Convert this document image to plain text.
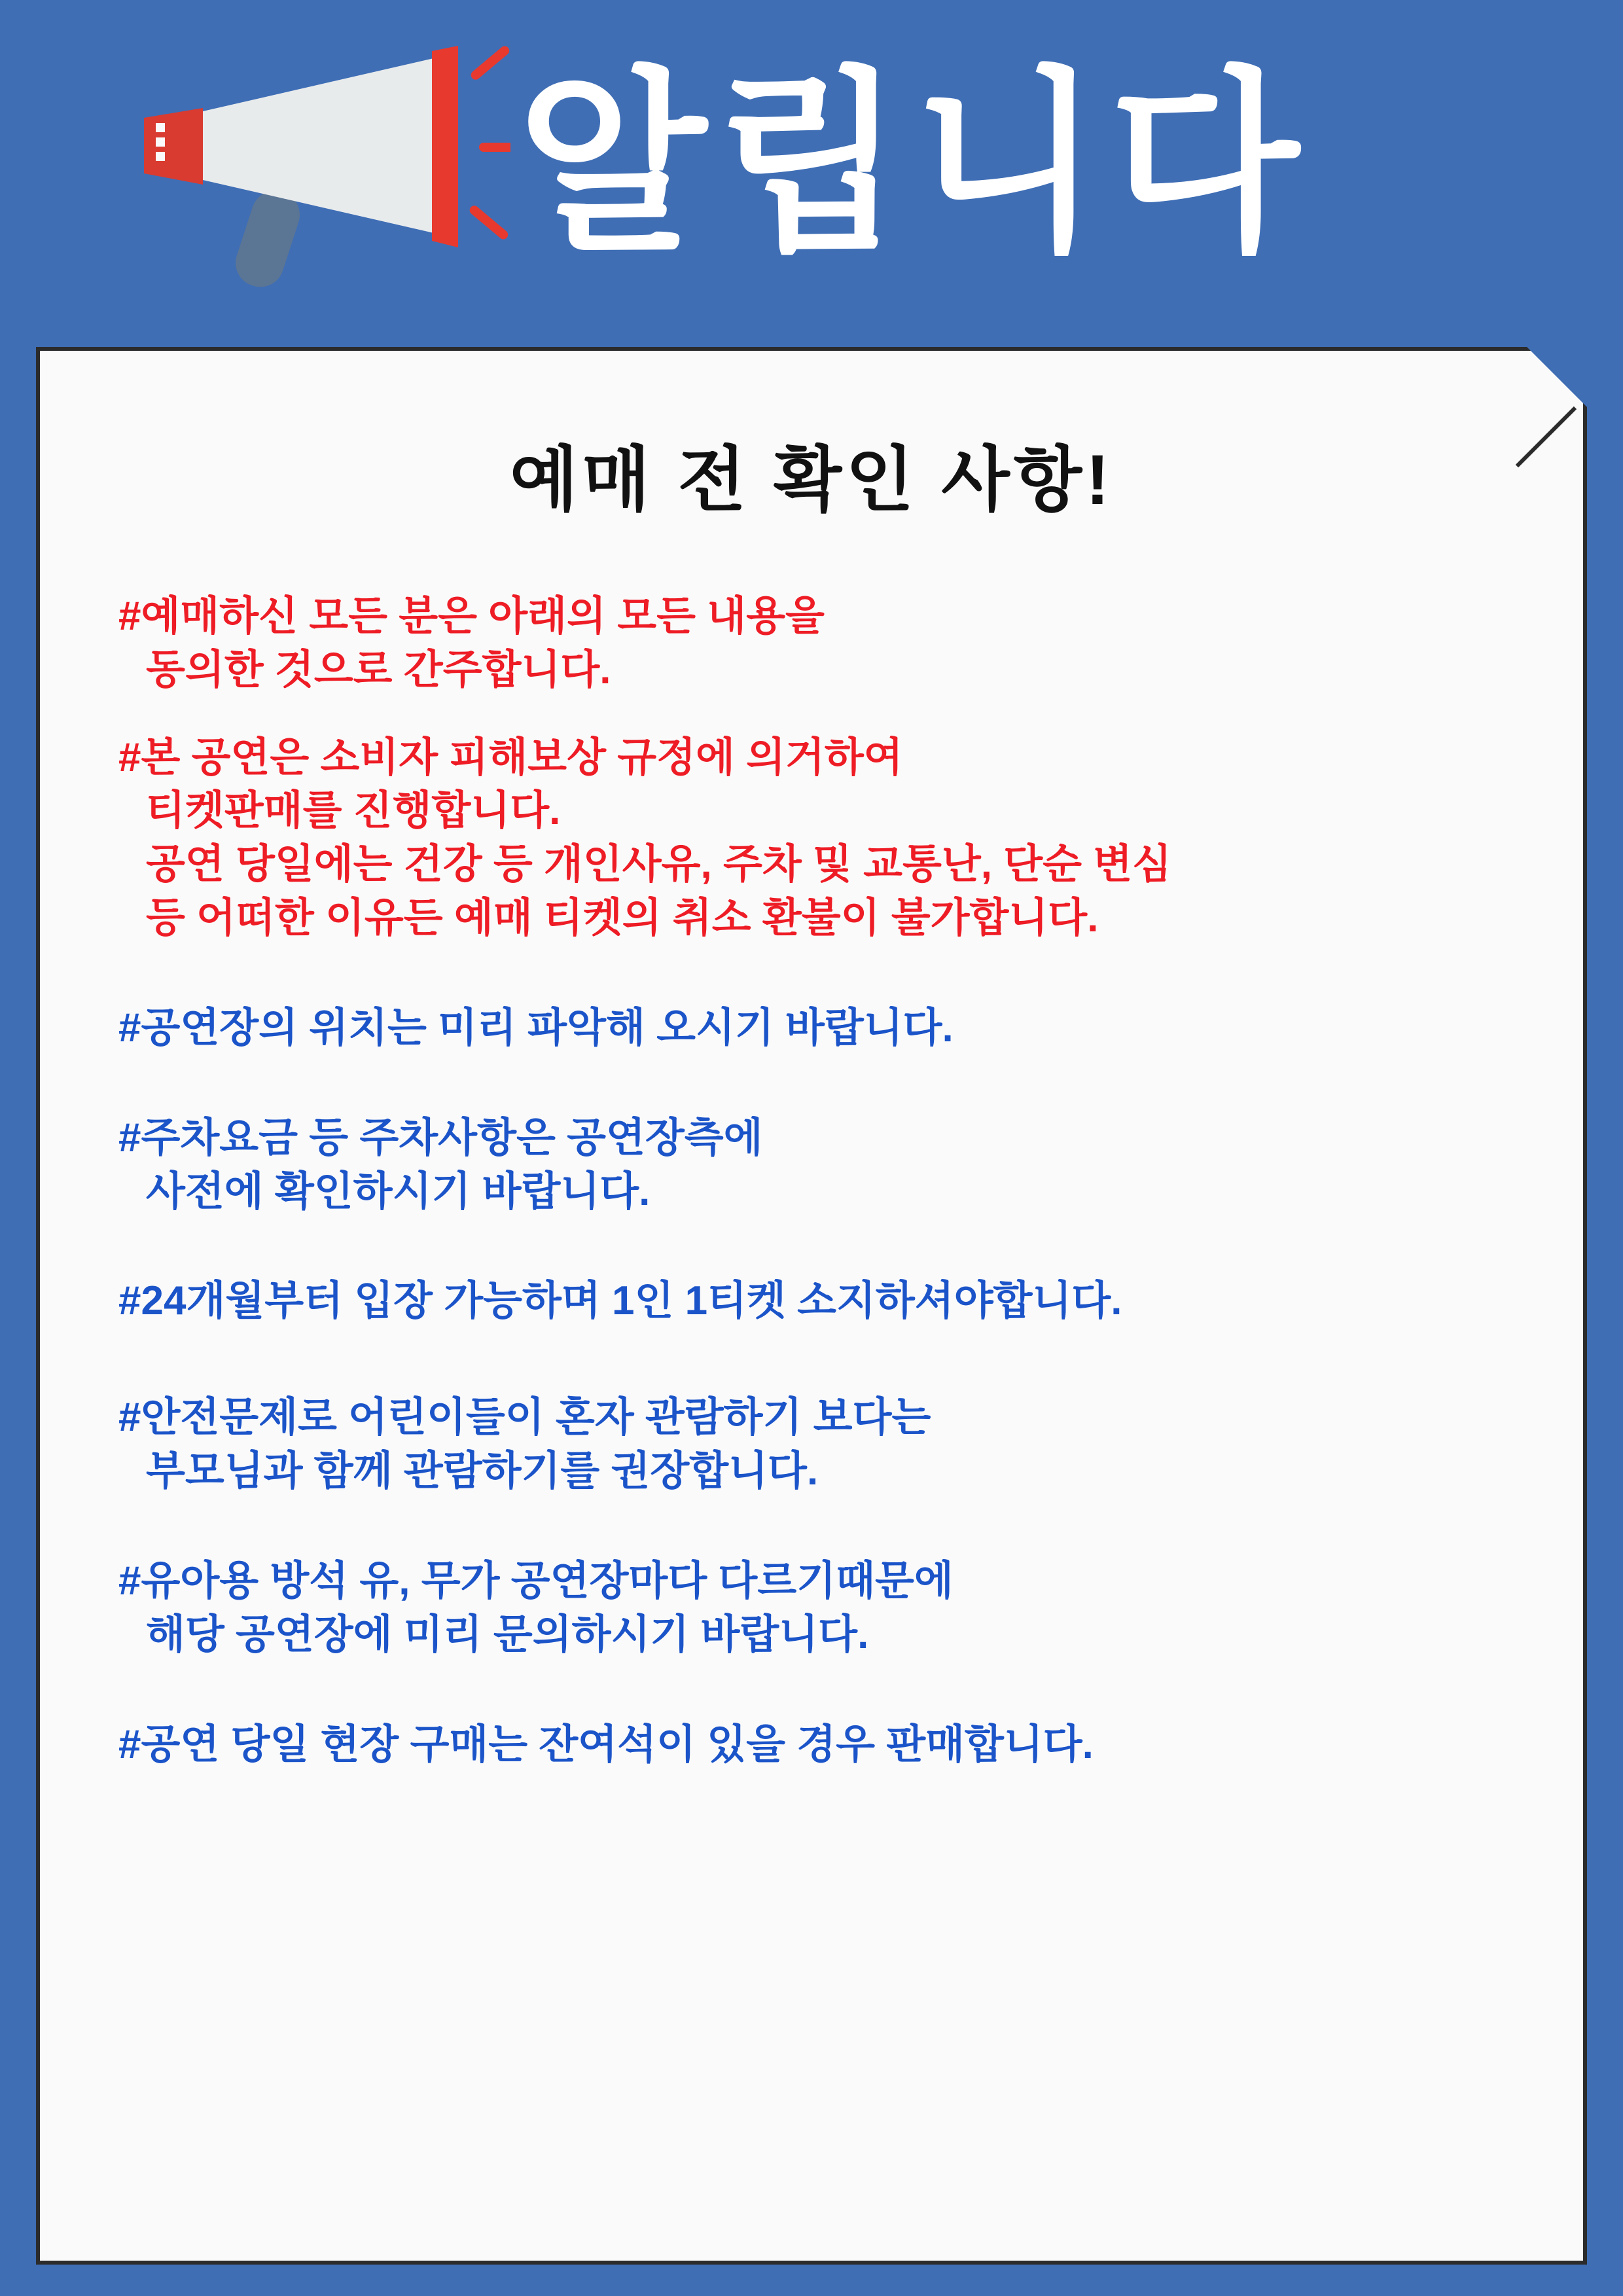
알립니다
예매 전 확인 사항!
#예매하신 모든 분은 아래의 모든 내용을
동의한 것으로 간주합니다.
#본 공연은 소비자 피해보상 규정에 의거하여
티켓판매를 진행합니다.
공연 당일에는 건강 등 개인사유, 주차 및 교통난, 단순 변심
등 어떠한 이유든 예매 티켓의 취소 환불이 불가합니다.
#공연장의 위치는 미리 파악해 오시기 바랍니다.
#주차요금 등 주차사항은 공연장측에
사전에 확인하시기 바랍니다.
#24개월부터 입장 가능하며 1인 1티켓 소지하셔야합니다.
#안전문제로 어린이들이 혼자 관람하기 보다는
부모님과 함께 관람하기를 권장합니다.
#유아용 방석 유, 무가 공연장마다 다르기때문에
해당 공연장에 미리 문의하시기 바랍니다.
#공연 당일 현장 구매는 잔여석이 있을 경우 판매합니다.
